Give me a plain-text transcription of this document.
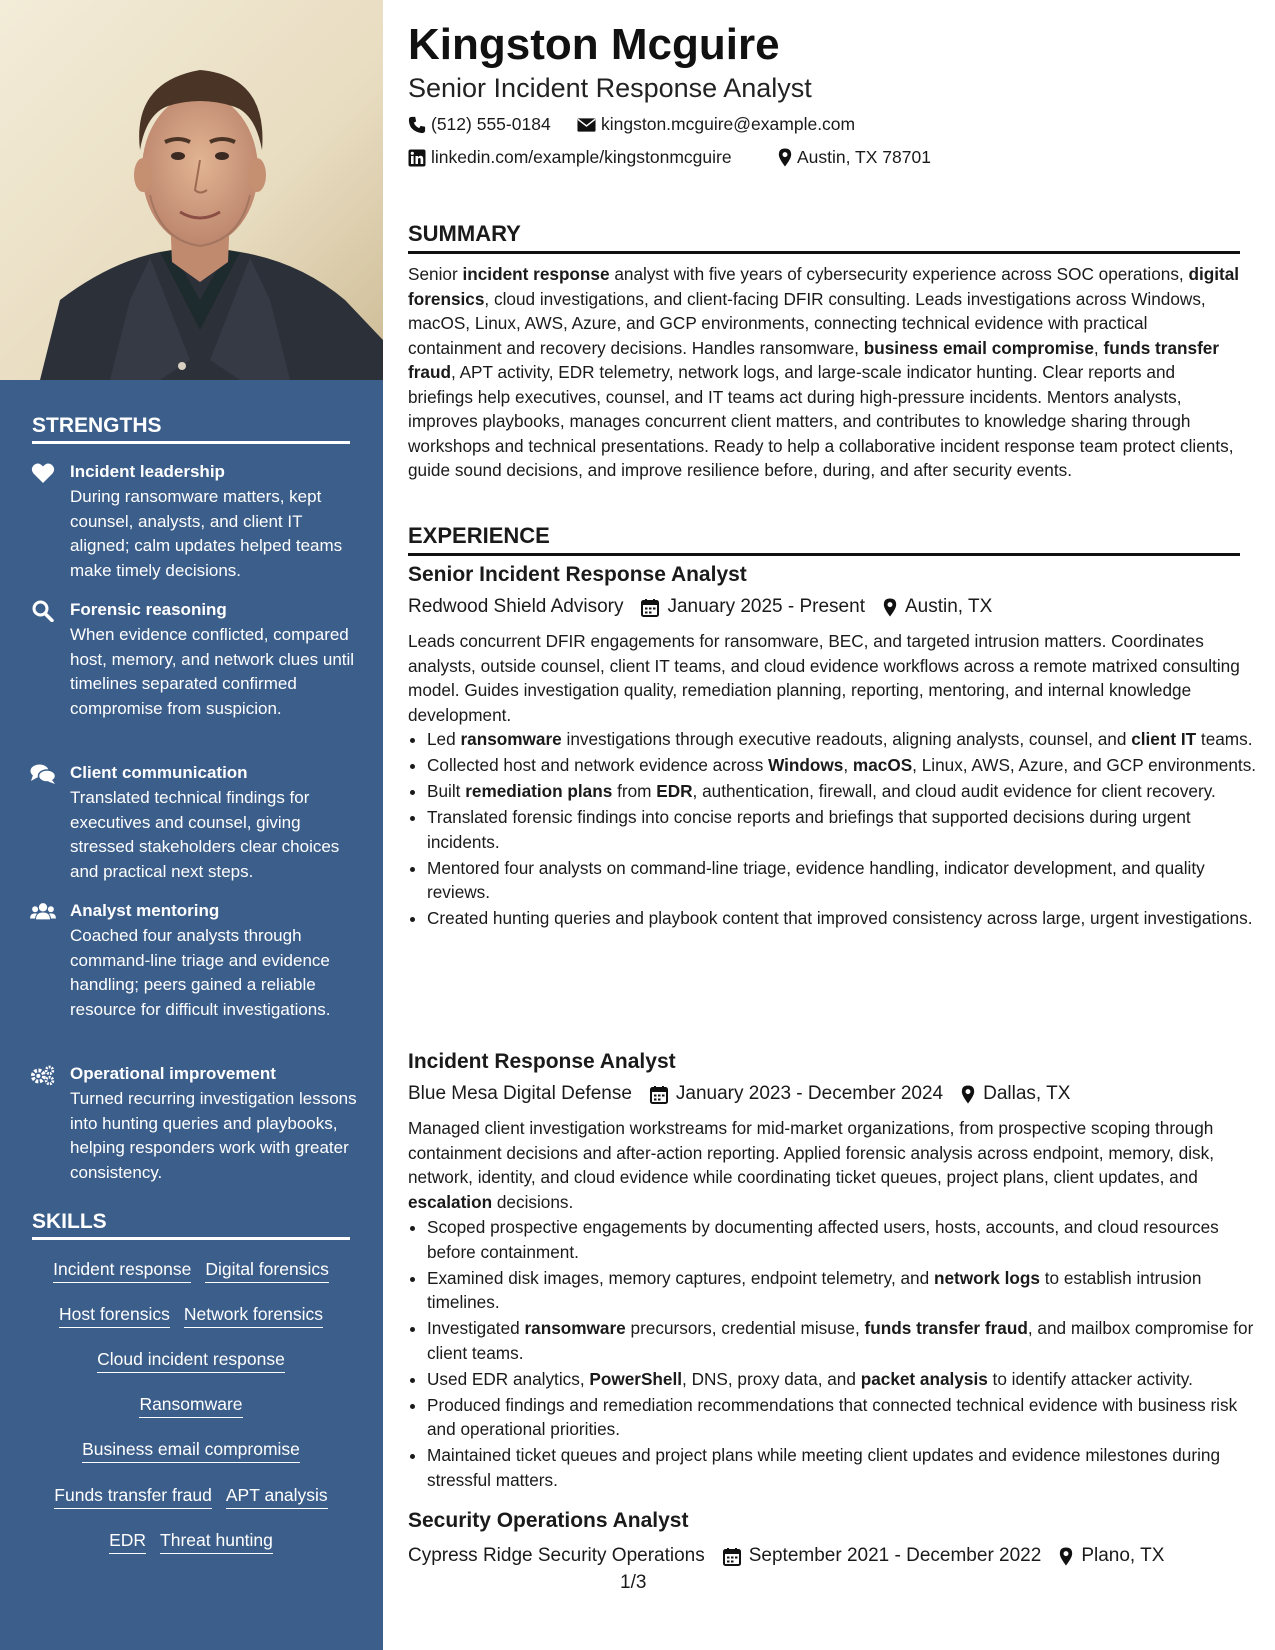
STRENGTHS
Incident leadership
During ransomware matters, kept counsel, analysts, and client IT aligned; calm updates helped teams make timely decisions.
Forensic reasoning
When evidence conflicted, compared host, memory, and network clues until timelines separated confirmed compromise from suspicion.
Client communication
Translated technical findings for executives and counsel, giving stressed stakeholders clear choices and practical next steps.
Analyst mentoring
Coached four analysts through command-line triage and evidence handling; peers gained a reliable resource for difficult investigations.
Operational improvement
Turned recurring investigation lessons into hunting queries and playbooks, helping responders work with greater consistency.
SKILLS
Incident response Digital forensics
Host forensics Network forensics
Cloud incident response
Ransomware
Business email compromise
Funds transfer fraud APT analysis
EDR Threat hunting
Kingston Mcguire
Senior Incident Response Analyst
(512) 555-0184	kingston.mcguire@example.com
linkedin.com/example/kingstonmcguire	Austin, TX 78701
SUMMARY
Senior incident response analyst with five years of cybersecurity experience across SOC operations, digital forensics, cloud investigations, and client-facing DFIR consulting. Leads investigations across Windows, macOS, Linux, AWS, Azure, and GCP environments, connecting technical evidence with practical containment and recovery decisions. Handles ransomware, business email compromise, funds transfer fraud, APT activity, EDR telemetry, network logs, and large-scale indicator hunting. Clear reports and briefings help executives, counsel, and IT teams act during high-pressure incidents. Mentors analysts, improves playbooks, manages concurrent client matters, and contributes to knowledge sharing through workshops and technical presentations. Ready to help a collaborative incident response team protect clients, guide sound decisions, and improve resilience before, during, and after security events.
EXPERIENCE
Senior Incident Response Analyst
Redwood Shield Advisory January 2025 - Present Austin, TX
Leads concurrent DFIR engagements for ransomware, BEC, and targeted intrusion matters. Coordinates analysts, outside counsel, client IT teams, and cloud evidence workflows across a remote matrixed consulting model. Guides investigation quality, remediation planning, reporting, mentoring, and internal knowledge development.
• Led ransomware investigations through executive readouts, aligning analysts, counsel, and client IT teams.
• Collected host and network evidence across Windows, macOS, Linux, AWS, Azure, and GCP environments.
• Built remediation plans from EDR, authentication, firewall, and cloud audit evidence for client recovery.
• Translated forensic findings into concise reports and briefings that supported decisions during urgent incidents.
• Mentored four analysts on command-line triage, evidence handling, indicator development, and quality reviews.
• Created hunting queries and playbook content that improved consistency across large, urgent investigations.
Incident Response Analyst
Blue Mesa Digital Defense January 2023 - December 2024 Dallas, TX
Managed client investigation workstreams for mid-market organizations, from prospective scoping through containment decisions and after-action reporting. Applied forensic analysis across endpoint, memory, disk, network, identity, and cloud evidence while coordinating ticket queues, project plans, client updates, and escalation decisions.
• Scoped prospective engagements by documenting affected users, hosts, accounts, and cloud resources before containment.
• Examined disk images, memory captures, endpoint telemetry, and network logs to establish intrusion timelines.
• Investigated ransomware precursors, credential misuse, funds transfer fraud, and mailbox compromise for client teams.
• Used EDR analytics, PowerShell, DNS, proxy data, and packet analysis to identify attacker activity.
• Produced findings and remediation recommendations that connected technical evidence with business risk and operational priorities.
• Maintained ticket queues and project plans while meeting client updates and evidence milestones during stressful matters.
Security Operations Analyst
Cypress Ridge Security Operations September 2021 - December 2022 Plano, TX
1/3
